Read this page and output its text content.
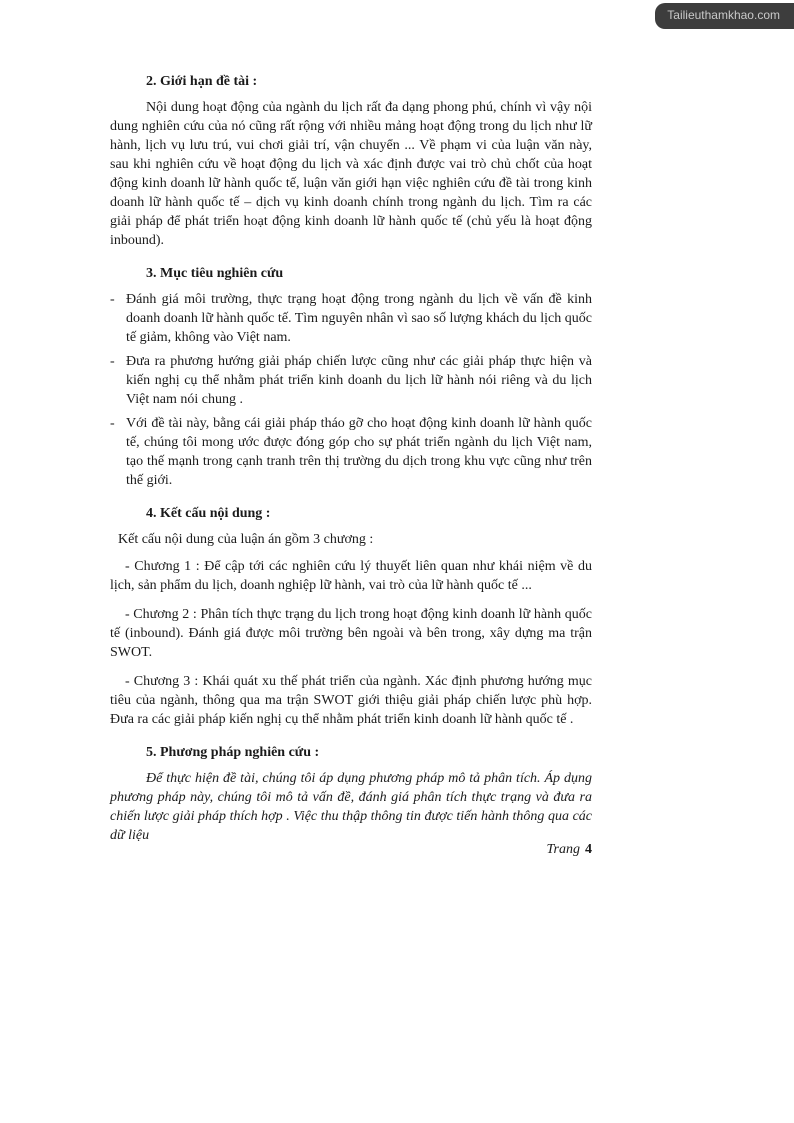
Tailieuthamkhao.com
2. Giới hạn đề tài :

Nội dung hoạt động của ngành du lịch rất đa dạng phong phú, chính vì vậy nội dung nghiên cứu của nó cũng rất rộng với nhiều mảng hoạt động trong du lịch như lữ hành, lịch vụ lưu trú, vui chơi giải trí, vận chuyển ... Về phạm vi của luận văn này, sau khi nghiên cứu về hoạt động du lịch và xác định được vai trò chủ chốt của hoạt động kinh doanh lữ hành quốc tế, luận văn giới hạn việc nghiên cứu đề tài trong kinh doanh lữ hành quốc tế – dịch vụ kinh doanh chính trong ngành du lịch. Tìm ra các giải pháp để phát triển hoạt động kinh doanh lữ hành quốc tế (chủ yếu là hoạt động inbound).

3. Mục tiêu nghiên cứu
- Đánh giá môi trường, thực trạng hoạt động trong ngành du lịch về vấn đề kinh doanh doanh lữ hành quốc tế. Tìm nguyên nhân vì sao số lượng khách du lịch quốc tế giảm, không vào Việt nam.
- Đưa ra phương hướng giải pháp chiến lược cũng như các giải pháp thực hiện và kiến nghị cụ thể nhằm phát triển kinh doanh du lịch lữ hành nói riêng và du lịch Việt nam nói chung .
- Với đề tài này, bằng cái giải pháp tháo gỡ cho hoạt động kinh doanh lữ hành quốc tế, chúng tôi mong ước được đóng góp cho sự phát triển ngành du lịch Việt nam, tạo thế mạnh trong cạnh tranh trên thị trường du dịch trong khu vực cũng như trên thế giới.
4. Kết cấu nội dung :

Kết cấu nội dung của luận án gồm 3 chương :

- Chương 1 : Để cập tới các nghiên cứu lý thuyết liên quan như khái niệm về du lịch, sản phẩm du lịch, doanh nghiệp lữ hành, vai trò của lữ hành quốc tế ...

- Chương 2 : Phân tích thực trạng du lịch trong hoạt động kinh doanh lữ hành quốc tế (inbound). Đánh giá được môi trường bên ngoài và bên trong, xây dựng ma trận SWOT.

- Chương 3 : Khái quát xu thế phát triển của ngành. Xác định phương hướng mục tiêu của ngành, thông qua ma trận SWOT giới thiệu giải pháp chiến lược phù hợp. Đưa ra các giải pháp kiến nghị cụ thể nhằm phát triển kinh doanh lữ hành quốc tế .

5. Phương pháp nghiên cứu :

Để thực hiện đề tài, chúng tôi áp dụng phương pháp mô tả phân tích. Áp dụng phương pháp này, chúng tôi mô tả vấn đề, đánh giá phân tích thực trạng và đưa ra chiến lược giải pháp thích hợp . Việc thu thập thông tin được tiến hành thông qua các dữ liệu

Trang 4
